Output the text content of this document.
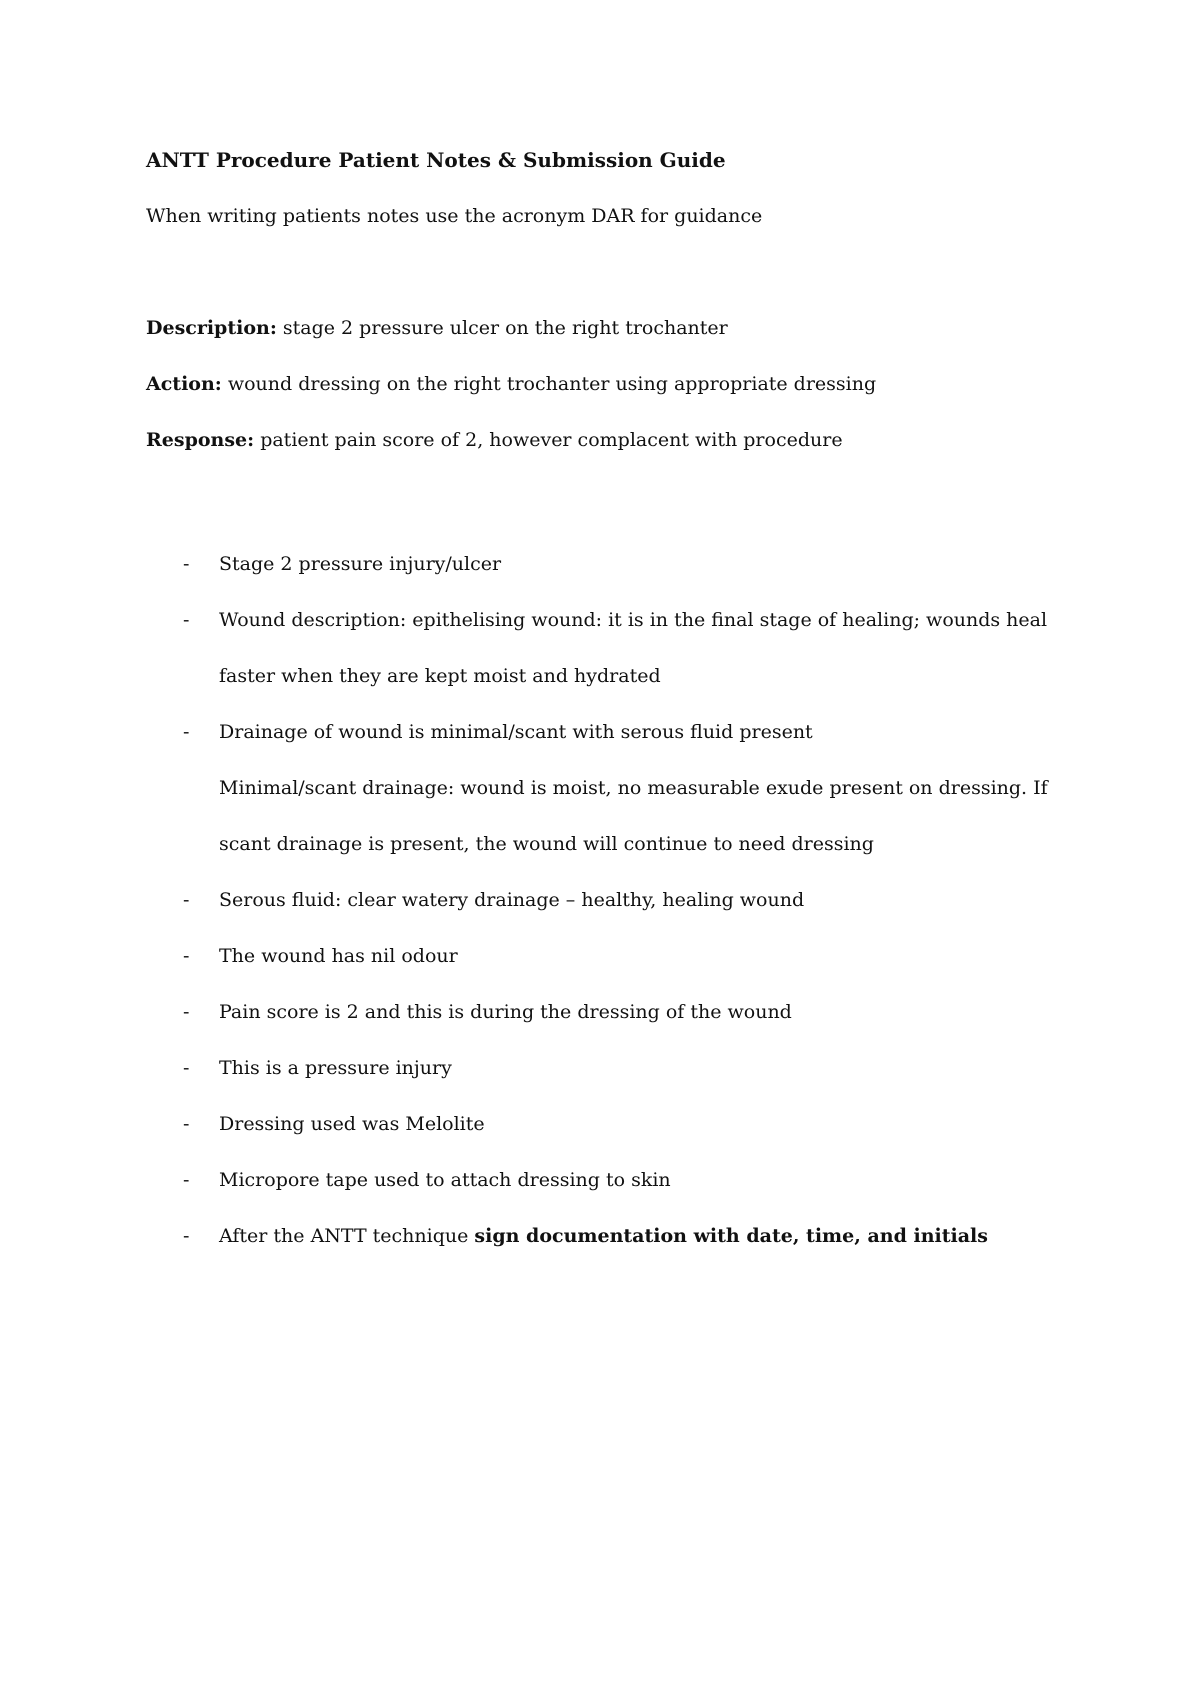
ANTT Procedure Patient Notes & Submission Guide
When writing patients notes use the acronym DAR for guidance
Description: stage 2 pressure ulcer on the right trochanter
Action: wound dressing on the right trochanter using appropriate dressing
Response: patient pain score of 2, however complacent with procedure
- Stage 2 pressure injury/ulcer
- Wound description: epithelising wound: it is in the final stage of healing; wounds heal
faster when they are kept moist and hydrated
- Drainage of wound is minimal/scant with serous fluid present
Minimal/scant drainage: wound is moist, no measurable exude present on dressing. If
scant drainage is present, the wound will continue to need dressing
- Serous fluid: clear watery drainage – healthy, healing wound
- The wound has nil odour
- Pain score is 2 and this is during the dressing of the wound
- This is a pressure injury
- Dressing used was Melolite
- Micropore tape used to attach dressing to skin
- After the ANTT technique sign documentation with date, time, and initials
